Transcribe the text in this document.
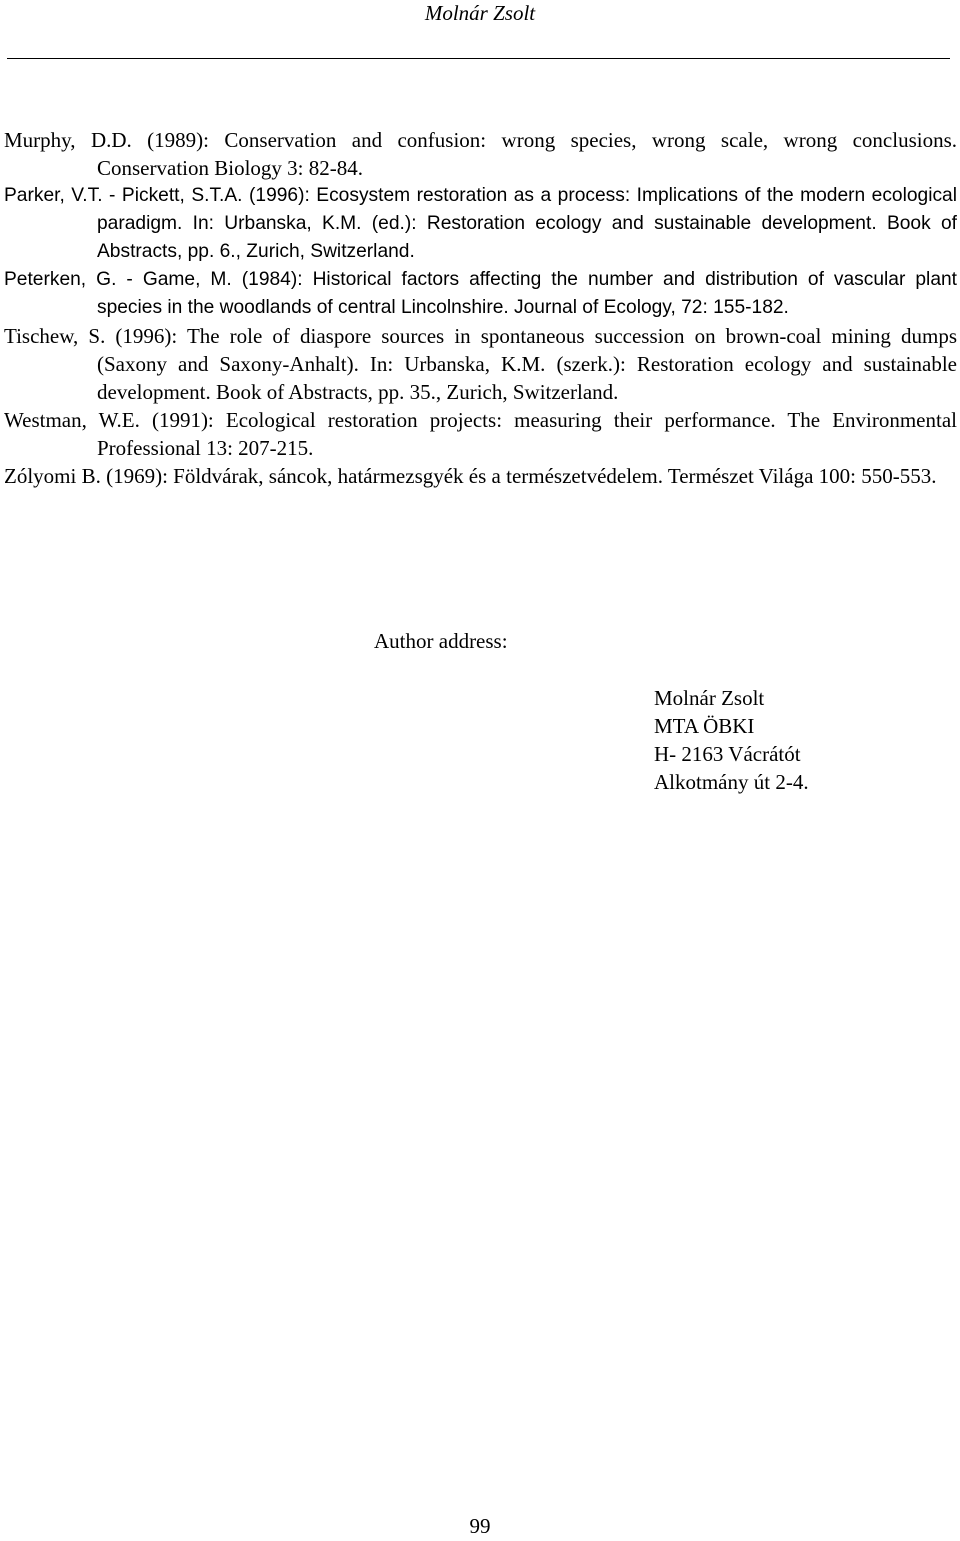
Molnár Zsolt
Murphy, D.D. (1989): Conservation and confusion: wrong species, wrong scale, wrong conclusions. Conservation Biology 3: 82-84.
Parker, V.T. - Pickett, S.T.A. (1996): Ecosystem restoration as a process: Implications of the modern ecological paradigm. In: Urbanska, K.M. (ed.): Restoration ecology and sustainable development. Book of Abstracts, pp. 6., Zurich, Switzerland.
Peterken, G. - Game, M. (1984): Historical factors affecting the number and distribution of vascular plant species in the woodlands of central Lincolnshire. Journal of Ecology, 72: 155-182.
Tischew, S. (1996): The role of diaspore sources in spontaneous succession on brown-coal mining dumps (Saxony and Saxony-Anhalt). In: Urbanska, K.M. (szerk.): Restoration ecology and sustainable development. Book of Abstracts, pp. 35., Zurich, Switzerland.
Westman, W.E. (1991): Ecological restoration projects: measuring their performance. The Environmental Professional 13: 207-215.
Zólyomi B. (1969): Földvárak, sáncok, határmezsgyék és a természetvédelem. Természet Világa 100: 550-553.
Author address:
Molnár Zsolt
MTA ÖBKI
H- 2163 Vácrátót
Alkotmány út 2-4.
99
